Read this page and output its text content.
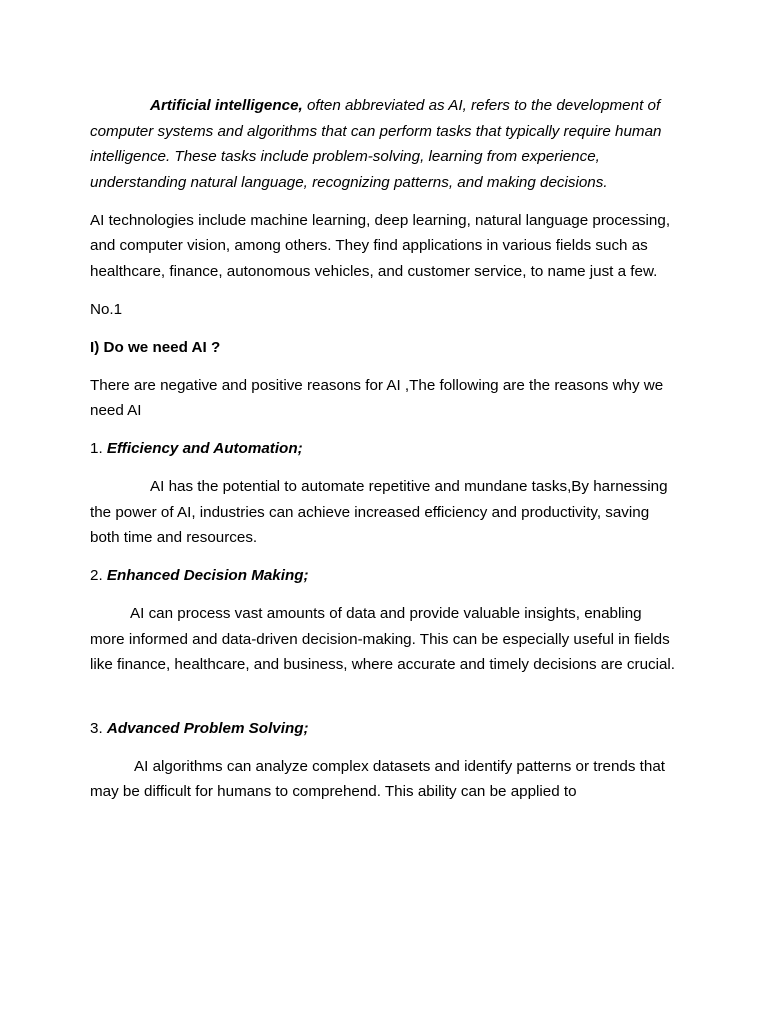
Artificial intelligence, often abbreviated as AI, refers to the development of computer systems and algorithms that can perform tasks that typically require human intelligence. These tasks include problem-solving, learning from experience, understanding natural language, recognizing patterns, and making decisions.

AI technologies include machine learning, deep learning, natural language processing, and computer vision, among others. They find applications in various fields such as healthcare, finance, autonomous vehicles, and customer service, to name just a few.

No.1

I) Do we need AI ?

There are negative and positive reasons for AI ,The following are the reasons why we need AI

1. Efficiency and Automation;

AI has the potential to automate repetitive and mundane tasks,By harnessing the power of AI, industries can achieve increased efficiency and productivity, saving both time and resources.

2. Enhanced Decision Making;

AI can process vast amounts of data and provide valuable insights, enabling more informed and data-driven decision-making. This can be especially useful in fields like finance, healthcare, and business, where accurate and timely decisions are crucial.

3. Advanced Problem Solving;

AI algorithms can analyze complex datasets and identify patterns or trends that may be difficult for humans to comprehend. This ability can be applied to
